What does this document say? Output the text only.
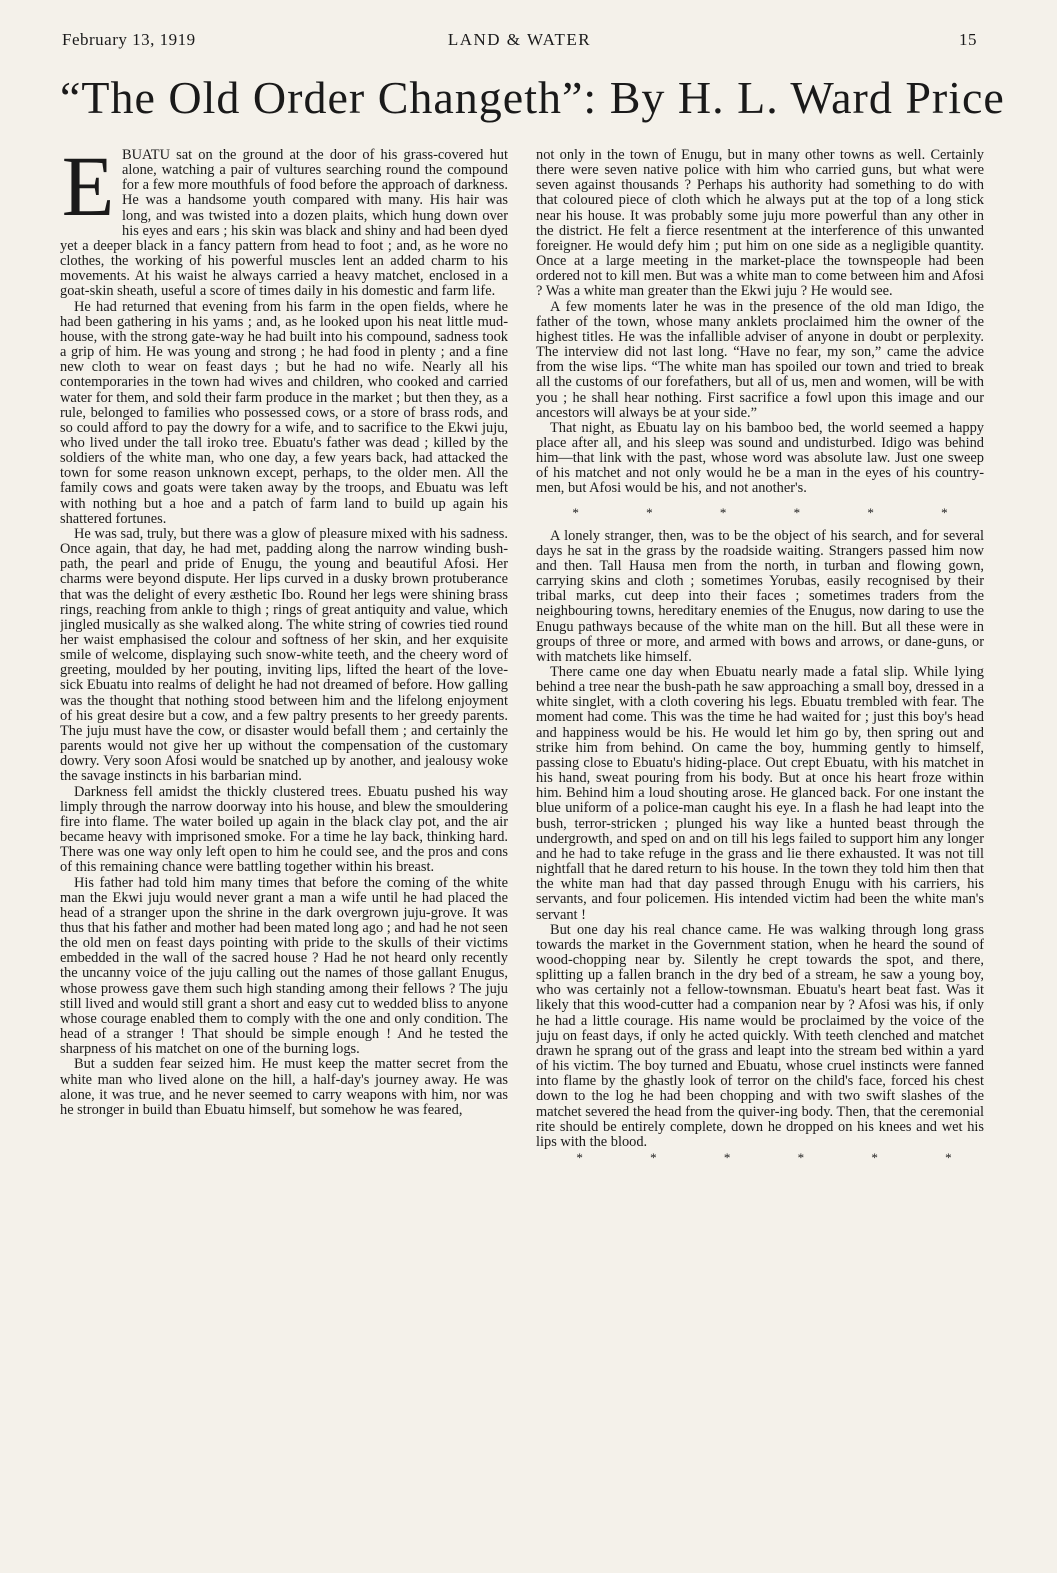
February 13, 1919	LAND & WATER	15
“The Old Order Changeth”: By H. L. Ward Price
E BUATU sat on the ground at the door of his grass-covered hut alone, watching a pair of vultures searching round the compound for a few more mouthfuls of food before the approach of darkness. He was a handsome youth compared with many. His hair was long, and was twisted into a dozen plaits, which hung down over his eyes and ears ; his skin was black and shiny and had been dyed yet a deeper black in a fancy pattern from head to foot ; and, as he wore no clothes, the working of his powerful muscles lent an added charm to his movements. At his waist he always carried a heavy matchet, enclosed in a goat-skin sheath, useful a score of times daily in his domestic and farm life.

He had returned that evening from his farm in the open fields, where he had been gathering in his yams ; and, as he looked upon his neat little mud-house, with the strong gate-way he had built into his compound, sadness took a grip of him. He was young and strong ; he had food in plenty ; and a fine new cloth to wear on feast days ; but he had no wife. Nearly all his contemporaries in the town had wives and children, who cooked and carried water for them, and sold their farm produce in the market ; but then they, as a rule, belonged to families who possessed cows, or a store of brass rods, and so could afford to pay the dowry for a wife, and to sacrifice to the Ekwi juju, who lived under the tall iroko tree. Ebuatu's father was dead ; killed by the soldiers of the white man, who one day, a few years back, had attacked the town for some reason unknown except, perhaps, to the older men. All the family cows and goats were taken away by the troops, and Ebuatu was left with nothing but a hoe and a patch of farm land to build up again his shattered fortunes.

He was sad, truly, but there was a glow of pleasure mixed with his sadness. Once again, that day, he had met, padding along the narrow winding bush-path, the pearl and pride of Enugu, the young and beautiful Afosi. Her charms were beyond dispute. Her lips curved in a dusky brown protuberance that was the delight of every æsthetic Ibo. Round her legs were shining brass rings, reaching from ankle to thigh ; rings of great antiquity and value, which jingled musically as she walked along. The white string of cowries tied round her waist emphasised the colour and softness of her skin, and her exquisite smile of welcome, displaying such snow-white teeth, and the cheery word of greeting, moulded by her pouting, inviting lips, lifted the heart of the love-sick Ebuatu into realms of delight he had not dreamed of before. How galling was the thought that nothing stood between him and the lifelong enjoyment of his great desire but a cow, and a few paltry presents to her greedy parents. The juju must have the cow, or disaster would befall them ; and certainly the parents would not give her up without the compensation of the customary dowry. Very soon Afosi would be snatched up by another, and jealousy woke the savage instincts in his barbarian mind.

Darkness fell amidst the thickly clustered trees. Ebuatu pushed his way limply through the narrow doorway into his house, and blew the smouldering fire into flame. The water boiled up again in the black clay pot, and the air became heavy with imprisoned smoke. For a time he lay back, thinking hard. There was one way only left open to him he could see, and the pros and cons of this remaining chance were battling together within his breast.

His father had told him many times that before the coming of the white man the Ekwi juju would never grant a man a wife until he had placed the head of a stranger upon the shrine in the dark overgrown juju-grove. It was thus that his father and mother had been mated long ago ; and had he not seen the old men on feast days pointing with pride to the skulls of their victims embedded in the wall of the sacred house ? Had he not heard only recently the uncanny voice of the juju calling out the names of those gallant Enugus, whose prowess gave them such high standing among their fellows ? The juju still lived and would still grant a short and easy cut to wedded bliss to anyone whose courage enabled them to comply with the one and only condition. The head of a stranger ! That should be simple enough ! And he tested the sharpness of his matchet on one of the burning logs.

But a sudden fear seized him. He must keep the matter secret from the white man who lived alone on the hill, a half-day's journey away. He was alone, it was true, and he never seemed to carry weapons with him, nor was he stronger in build than Ebuatu himself, but somehow he was feared,

not only in the town of Enugu, but in many other towns as well. Certainly there were seven native police with him who carried guns, but what were seven against thousands ? Perhaps his authority had something to do with that coloured piece of cloth which he always put at the top of a long stick near his house. It was probably some juju more powerful than any other in the district. He felt a fierce resentment at the interference of this unwanted foreigner. He would defy him ; put him on one side as a negligible quantity. Once at a large meeting in the market-place the townspeople had been ordered not to kill men. But was a white man to come between him and Afosi ? Was a white man greater than the Ekwi juju ? He would see.

A few moments later he was in the presence of the old man Idigo, the father of the town, whose many anklets proclaimed him the owner of the highest titles. He was the infallible adviser of anyone in doubt or perplexity. The interview did not last long. “Have no fear, my son,” came the advice from the wise lips. “The white man has spoiled our town and tried to break all the customs of our forefathers, but all of us, men and women, will be with you ; he shall hear nothing. First sacrifice a fowl upon this image and our ancestors will always be at your side.”

That night, as Ebuatu lay on his bamboo bed, the world seemed a happy place after all, and his sleep was sound and undisturbed. Idigo was behind him—that link with the past, whose word was absolute law. Just one sweep of his matchet and not only would he be a man in the eyes of his country-men, but Afosi would be his, and not another's.

* * * * * *

A lonely stranger, then, was to be the object of his search, and for several days he sat in the grass by the roadside waiting. Strangers passed him now and then. Tall Hausa men from the north, in turban and flowing gown, carrying skins and cloth ; sometimes Yorubas, easily recognised by their tribal marks, cut deep into their faces ; sometimes traders from the neighbouring towns, hereditary enemies of the Enugus, now daring to use the Enugu pathways because of the white man on the hill. But all these were in groups of three or more, and armed with bows and arrows, or dane-guns, or with matchets like himself.

There came one day when Ebuatu nearly made a fatal slip. While lying behind a tree near the bush-path he saw approaching a small boy, dressed in a white singlet, with a cloth covering his legs. Ebuatu trembled with fear. The moment had come. This was the time he had waited for ; just this boy's head and happiness would be his. He would let him go by, then spring out and strike him from behind. On came the boy, humming gently to himself, passing close to Ebuatu's hiding-place. Out crept Ebuatu, with his matchet in his hand, sweat pouring from his body. But at once his heart froze within him. Behind him a loud shouting arose. He glanced back. For one instant the blue uniform of a police-man caught his eye. In a flash he had leapt into the bush, terror-stricken ; plunged his way like a hunted beast through the undergrowth, and sped on and on till his legs failed to support him any longer and he had to take refuge in the grass and lie there exhausted. It was not till nightfall that he dared return to his house. In the town they told him then that the white man had that day passed through Enugu with his carriers, his servants, and four policemen. His intended victim had been the white man's servant !

But one day his real chance came. He was walking through long grass towards the market in the Government station, when he heard the sound of wood-chopping near by. Silently he crept towards the spot, and there, splitting up a fallen branch in the dry bed of a stream, he saw a young boy, who was certainly not a fellow-townsman. Ebuatu's heart beat fast. Was it likely that this wood-cutter had a companion near by ? Afosi was his, if only he had a little courage. His name would be proclaimed by the voice of the juju on feast days, if only he acted quickly. With teeth clenched and matchet drawn he sprang out of the grass and leapt into the stream bed within a yard of his victim. The boy turned and Ebuatu, whose cruel instincts were fanned into flame by the ghastly look of terror on the child's face, forced his chest down to the log he had been chopping and with two swift slashes of the matchet severed the head from the quiver-ing body. Then, that the ceremonial rite should be entirely complete, down he dropped on his knees and wet his lips with the blood.

* * * * * *
